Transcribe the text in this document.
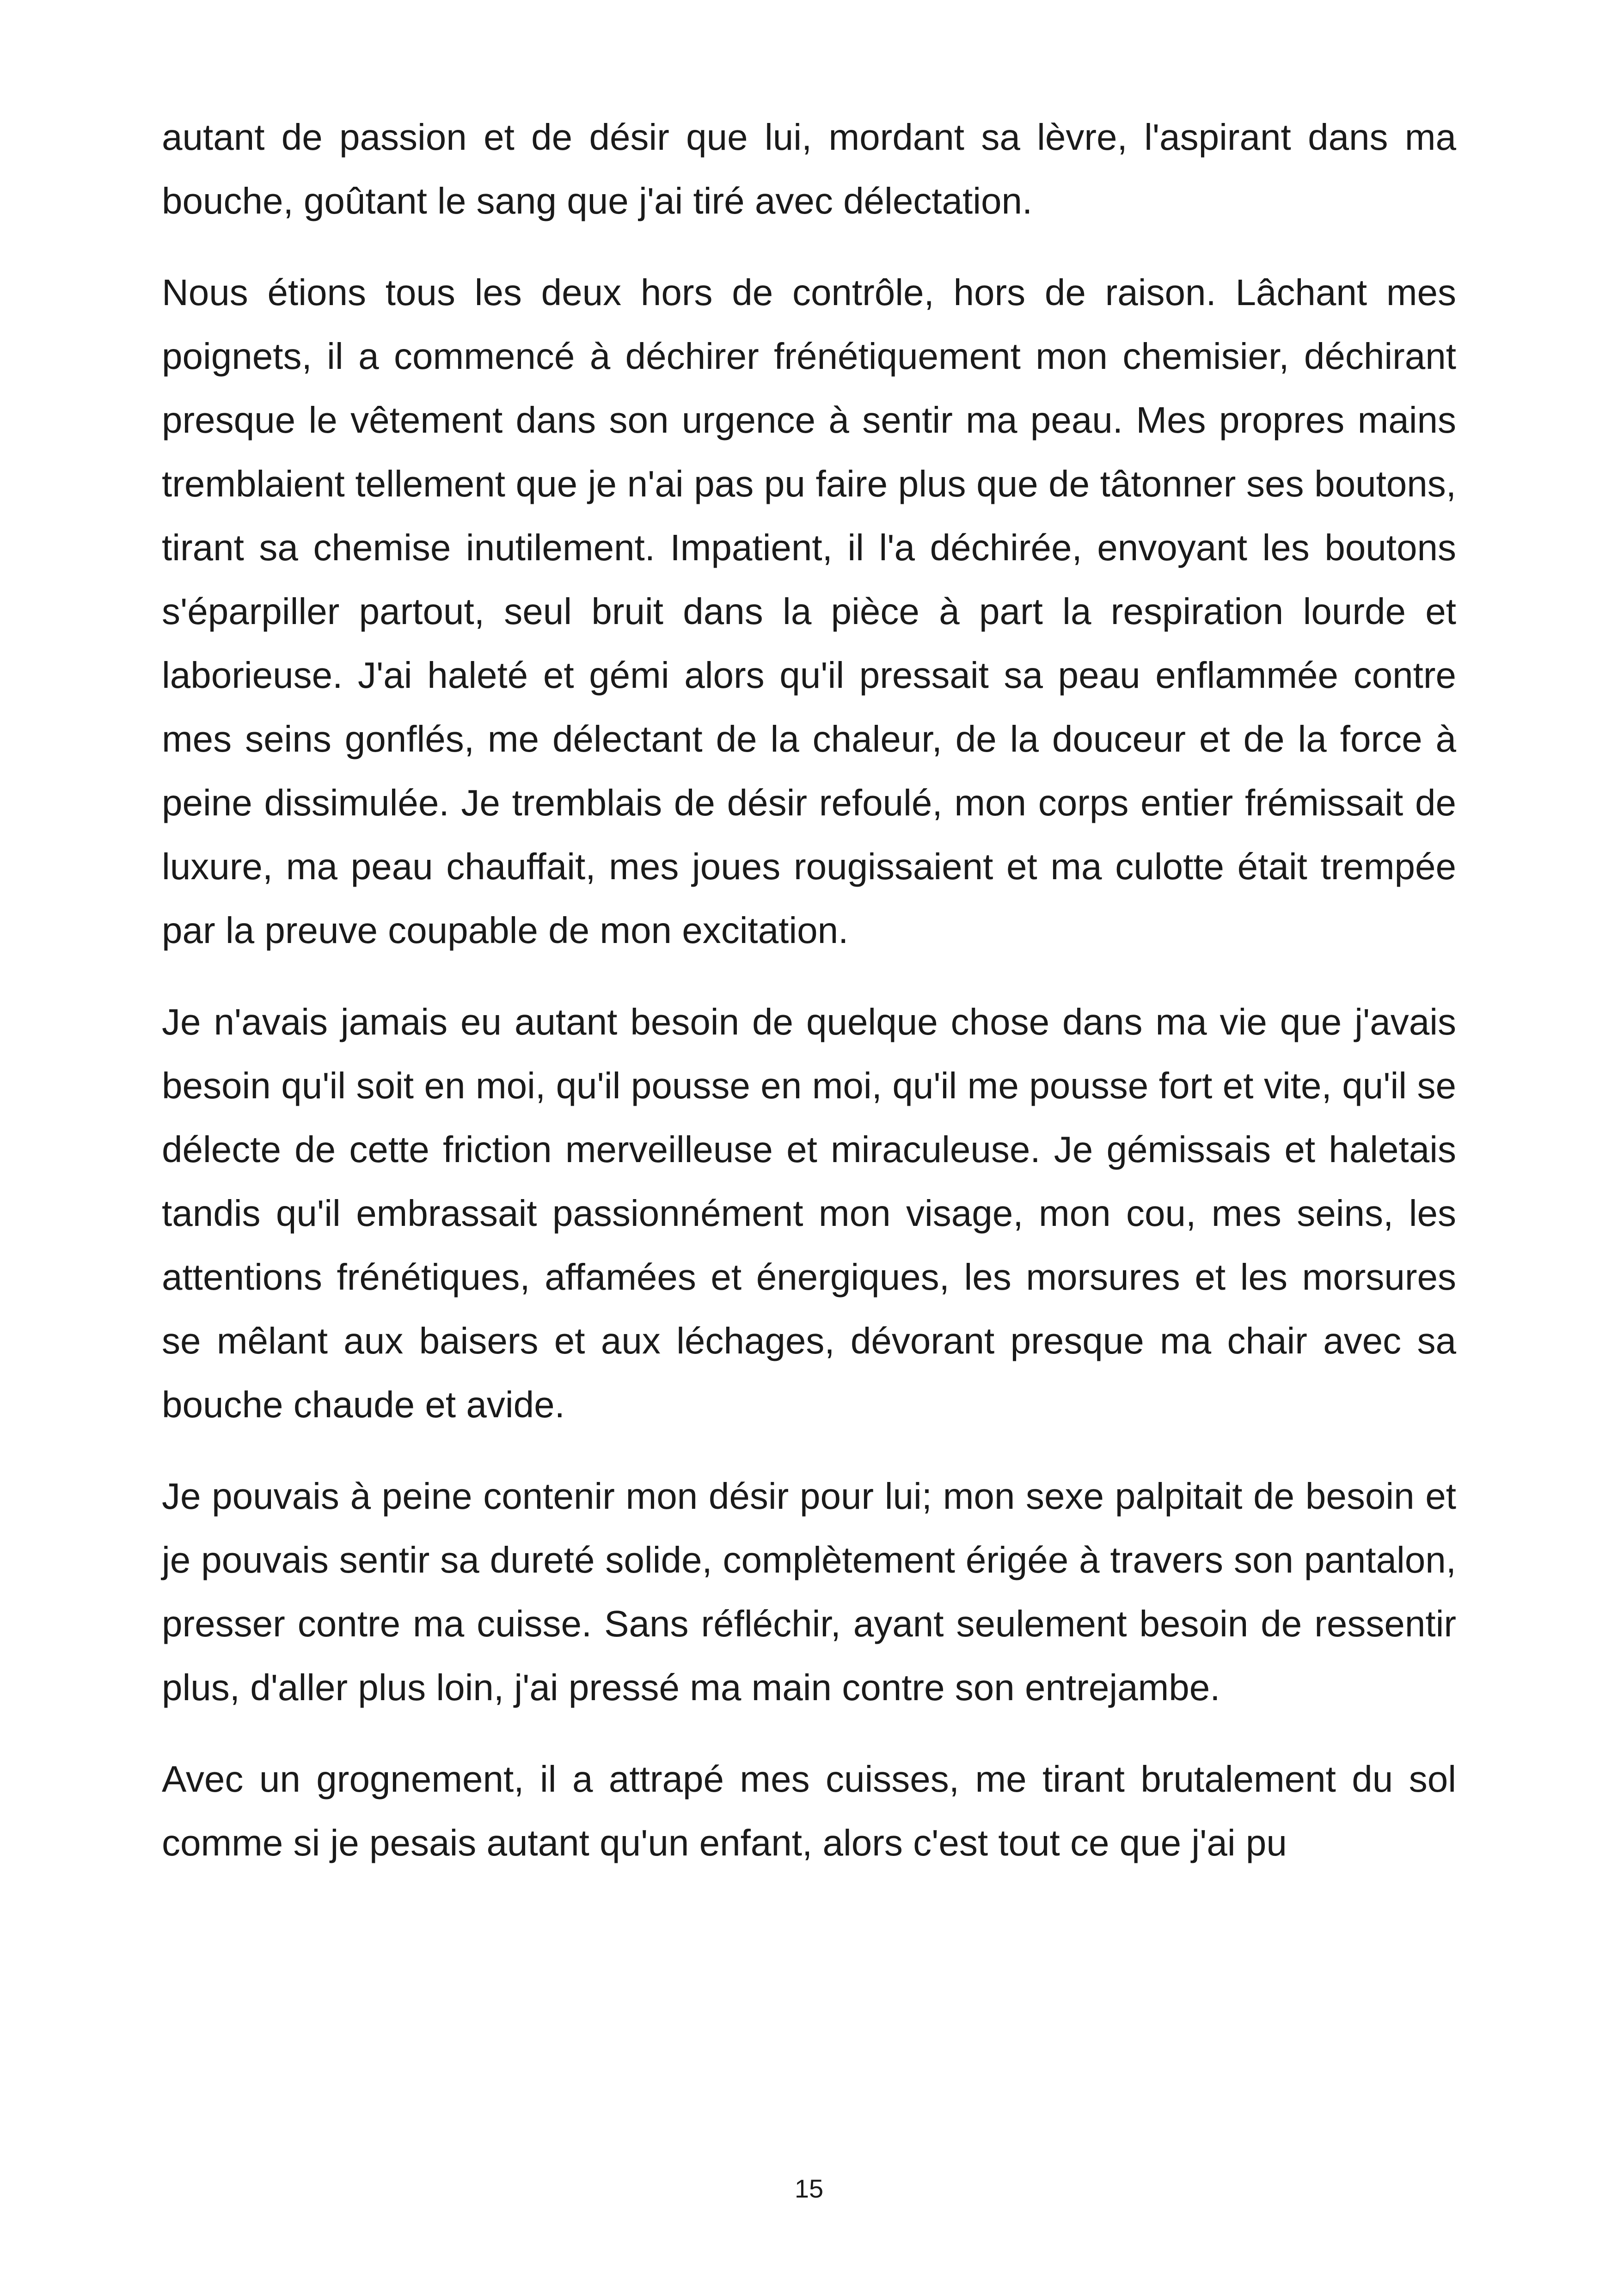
autant de passion et de désir que lui, mordant sa lèvre, l'aspirant dans ma bouche, goûtant le sang que j'ai tiré avec délectation.

Nous étions tous les deux hors de contrôle, hors de raison. Lâchant mes poignets, il a commencé à déchirer frénétiquement mon chemisier, déchirant presque le vêtement dans son urgence à sentir ma peau. Mes propres mains tremblaient tellement que je n'ai pas pu faire plus que de tâtonner ses boutons, tirant sa chemise inutilement. Impatient, il l'a déchirée, envoyant les boutons s'éparpiller partout, seul bruit dans la pièce à part la respiration lourde et laborieuse. J'ai haleté et gémi alors qu'il pressait sa peau enflammée contre mes seins gonflés, me délectant de la chaleur, de la douceur et de la force à peine dissimulée. Je tremblais de désir refoulé, mon corps entier frémissait de luxure, ma peau chauffait, mes joues rougissaient et ma culotte était trempée par la preuve coupable de mon excitation.

Je n'avais jamais eu autant besoin de quelque chose dans ma vie que j'avais besoin qu'il soit en moi, qu'il pousse en moi, qu'il me pousse fort et vite, qu'il se délecte de cette friction merveilleuse et miraculeuse. Je gémissais et haletais tandis qu'il embrassait passionnément mon visage, mon cou, mes seins, les attentions frénétiques, affamées et énergiques, les morsures et les morsures se mêlant aux baisers et aux léchages, dévorant presque ma chair avec sa bouche chaude et avide.

Je pouvais à peine contenir mon désir pour lui; mon sexe palpitait de besoin et je pouvais sentir sa dureté solide, complètement érigée à travers son pantalon, presser contre ma cuisse. Sans réfléchir, ayant seulement besoin de ressentir plus, d'aller plus loin, j'ai pressé ma main contre son entrejambe.

Avec un grognement, il a attrapé mes cuisses, me tirant brutalement du sol comme si je pesais autant qu'un enfant, alors c'est tout ce que j'ai pu

15
